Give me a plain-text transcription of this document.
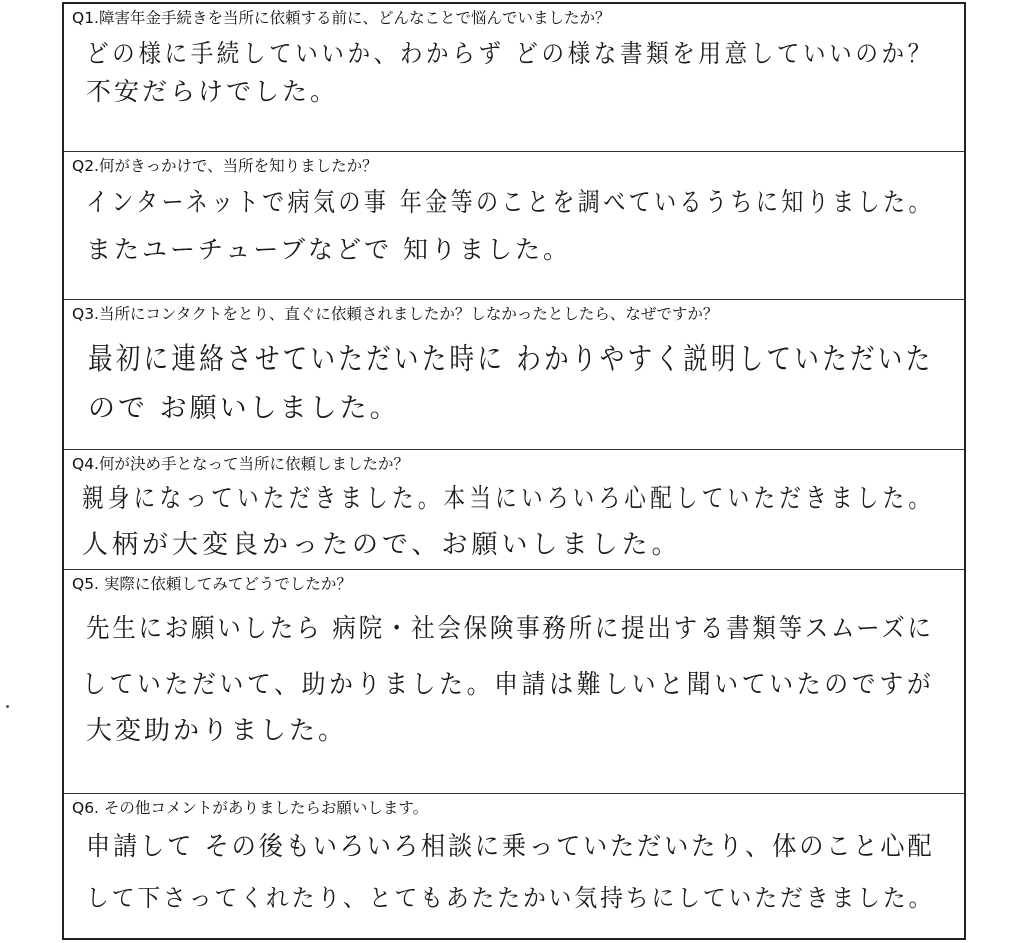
Q1.障害年金手続きを当所に依頼する前に、どんなことで悩んでいましたか？
どの様に手続していいか、わからず どの様な書類を用意していいのか？
不安だらけでした。
Q2.何がきっかけで、当所を知りましたか？
インターネットで病気の事 年金等のことを調べているうちに知りました。
またユーチューブなどで 知りました。
Q3.当所にコンタクトをとり、直ぐに依頼されましたか？しなかったとしたら、なぜですか？
最初に連絡させていただいた時に わかりやすく説明していただいた
ので お願いしました。
Q4.何が決め手となって当所に依頼しましたか？
親身になっていただきました。本当にいろいろ心配していただきました。
人柄が大変良かったので、お願いしました。
Q5. 実際に依頼してみてどうでしたか？
先生にお願いしたら 病院・社会保険事務所に提出する書類等スムーズに
していただいて、助かりました。申請は難しいと聞いていたのですが
大変助かりました。
Q6. その他コメントがありましたらお願いします。
申請して その後もいろいろ相談に乗っていただいたり、体のこと心配
して下さってくれたり、とてもあたたかい気持ちにしていただきました。
